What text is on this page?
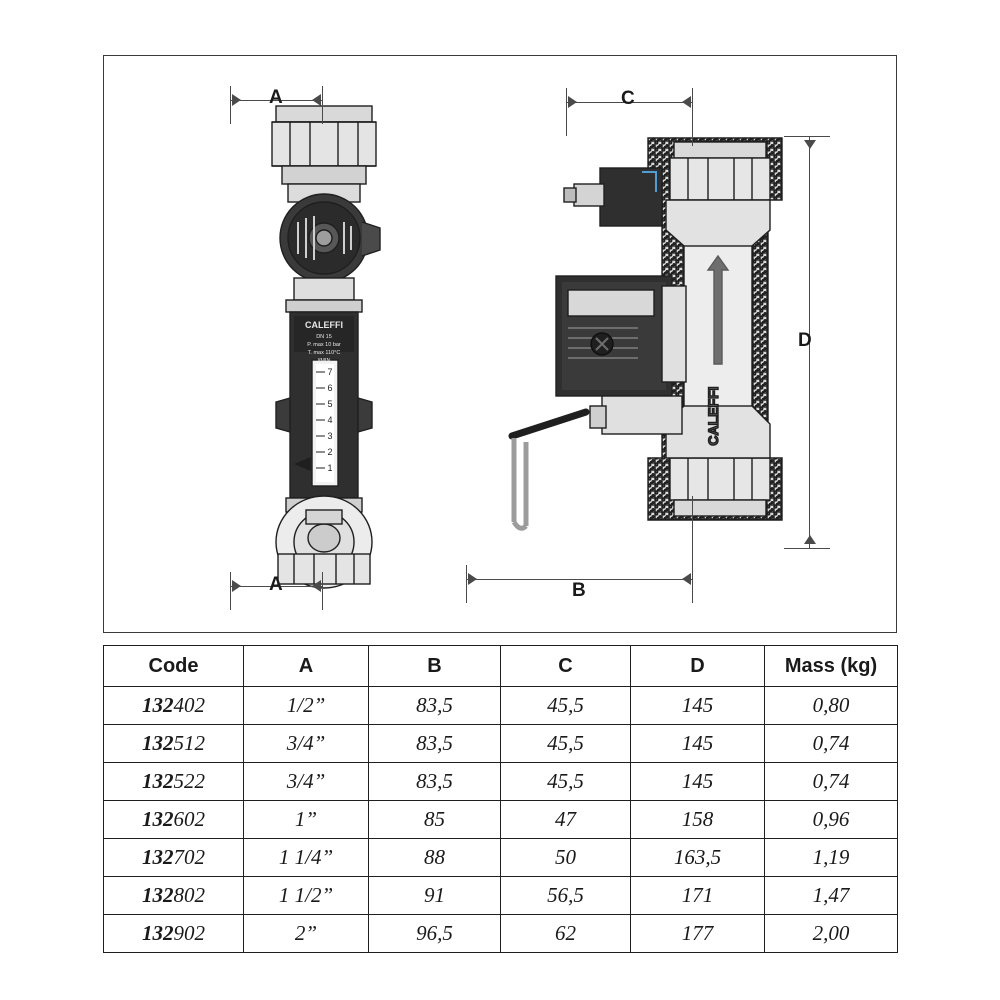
CALEFFI
DN 15
P. max 10 bar
T. max 110°C
l/MIN
7
6
5
4
3
2
1
A
A
CALEFFI
C
D
B
Code	A	B	C	D	Mass (kg)
132402	1/2”	83,5	45,5	145	0,80
132512	3/4”	83,5	45,5	145	0,74
132522	3/4”	83,5	45,5	145	0,74
132602	1”	85	47	158	0,96
132702	1 1/4”	88	50	163,5	1,19
132802	1 1/2”	91	56,5	171	1,47
132902	2”	96,5	62	177	2,00
